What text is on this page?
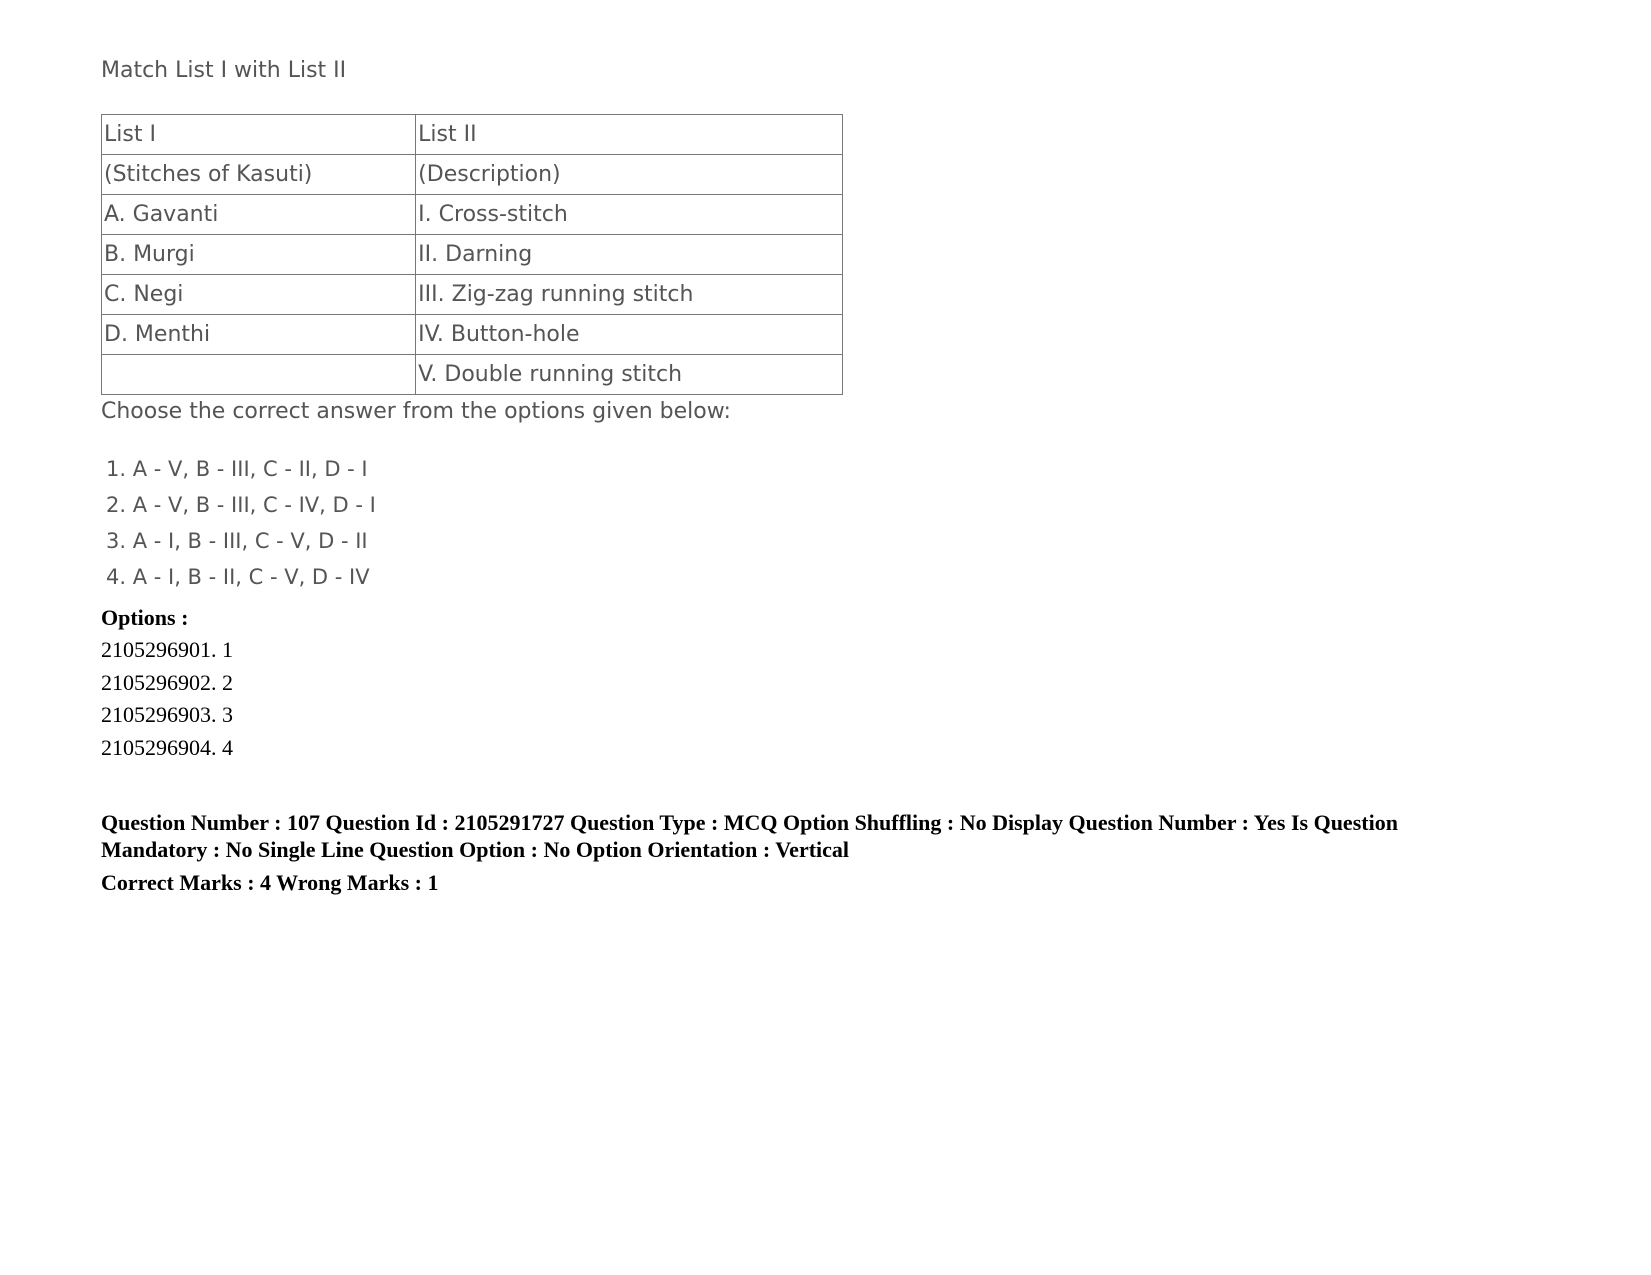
Match List I with List II
List I	List II
(Stitches of Kasuti)	(Description)
A. Gavanti	I. Cross-stitch
B. Murgi	II. Darning
C. Negi	III. Zig-zag running stitch
D. Menthi	IV. Button-hole
	V. Double running stitch
Choose the correct answer from the options given below:
1. A - V, B - III, C - II, D - I
2. A - V, B - III, C - IV, D - I
3. A - I, B - III, C - V, D - II
4. A - I, B - II, C - V, D - IV
Options :
2105296901. 1
2105296902. 2
2105296903. 3
2105296904. 4
Question Number : 107 Question Id : 2105291727 Question Type : MCQ Option Shuffling : No Display Question Number : Yes Is Question Mandatory : No Single Line Question Option : No Option Orientation : Vertical
Correct Marks : 4 Wrong Marks : 1
